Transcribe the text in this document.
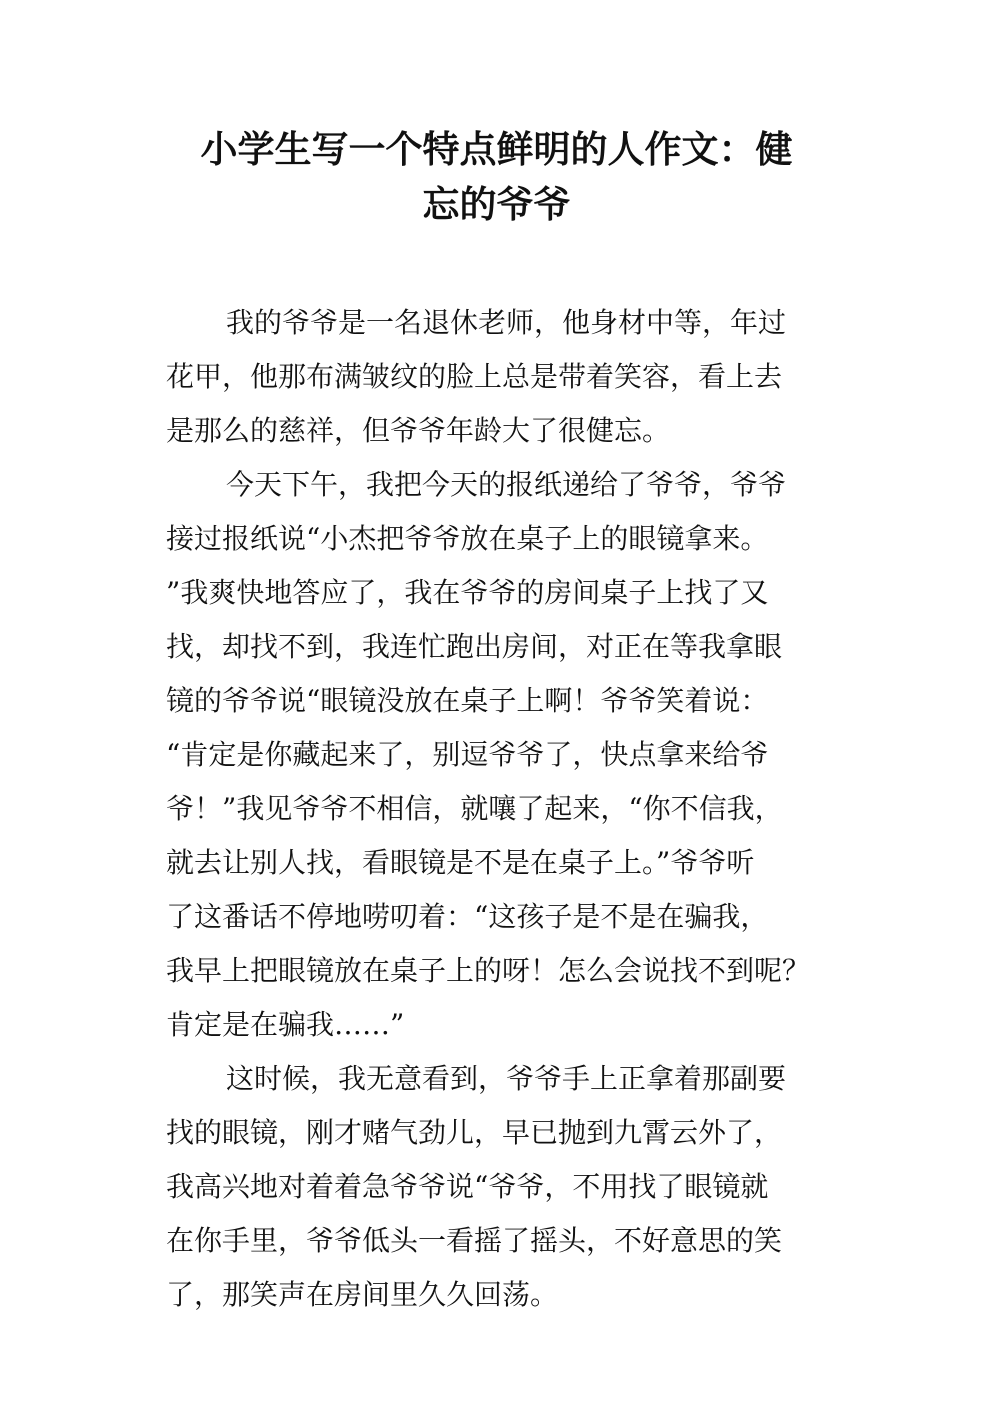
小学生写一个特点鲜明的人作文：健
忘的爷爷
我的爷爷是一名退休老师，他身材中等，年过
花甲，他那布满皱纹的脸上总是带着笑容，看上去
是那么的慈祥，但爷爷年龄大了很健忘。
今天下午，我把今天的报纸递给了爷爷，爷爷
接过报纸说“小杰把爷爷放在桌子上的眼镜拿来。
”我爽快地答应了，我在爷爷的房间桌子上找了又
找，却找不到，我连忙跑出房间，对正在等我拿眼
镜的爷爷说“眼镜没放在桌子上啊！爷爷笑着说：
“肯定是你藏起来了，别逗爷爷了，快点拿来给爷
爷！”我见爷爷不相信，就嚷了起来，“你不信我，
就去让别人找，看眼镜是不是在桌子上。”爷爷听
了这番话不停地唠叨着：“这孩子是不是在骗我，
我早上把眼镜放在桌子上的呀！怎么会说找不到呢？
肯定是在骗我……”
这时候，我无意看到，爷爷手上正拿着那副要
找的眼镜，刚才赌气劲儿，早已抛到九霄云外了，
我高兴地对着着急爷爷说“爷爷，不用找了眼镜就
在你手里，爷爷低头一看摇了摇头，不好意思的笑
了，那笑声在房间里久久回荡。
